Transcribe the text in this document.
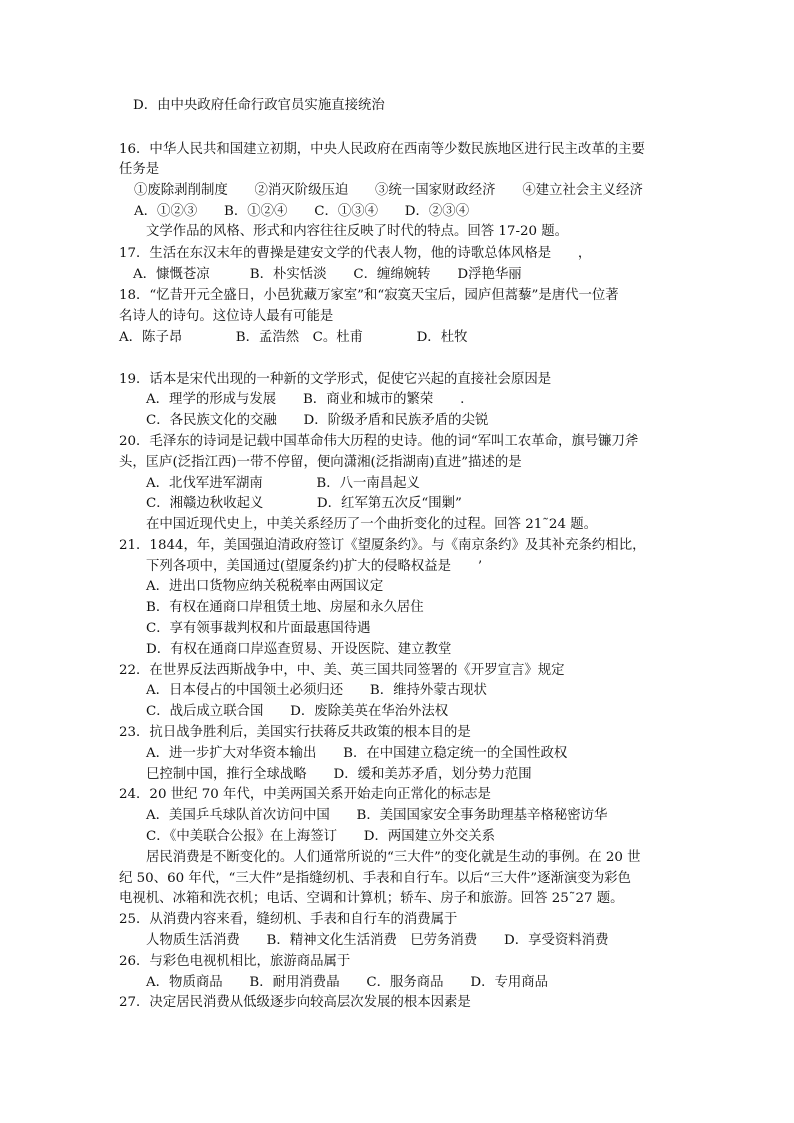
D．由中央政府任命行政官员实施直接统治
16．中华人民共和国建立初期，中央人民政府在西南等少数民族地区进行民主改革的主要
任务是
①废除剥削制度　　②消灭阶级压迫　　③统一国家财政经济　　④建立社会主义经济
A．①②③　　B．①②④　　C．①③④　　D．②③④
文学作品的风格、形式和内容往往反映了时代的特点。回答 17-20 题。
17．生活在东汉末年的曹操是建安文学的代表人物，他的诗歌总体风格是　　，
A．慷慨苍凉　　　B．朴实恬淡　　C．缠绵婉转　　D浮艳华丽
18．“忆昔开元全盛日，小邑犹藏万家室”和“寂寞天宝后，园庐但蒿藜”是唐代一位著
名诗人的诗句。这位诗人最有可能是
A．陈子昂　　　　B．孟浩然　C。杜甫　　　　D．杜牧
19．话本是宋代出现的一种新的文学形式，促使它兴起的直接社会原因是
A．理学的形成与发展　　B．商业和城市的繁荣　　.
C．各民族文化的交融　　D．阶级矛盾和民族矛盾的尖锐
20．毛泽东的诗词是记载中国革命伟大历程的史诗。他的词“军叫工农革命，旗号镰刀斧
头，匡庐(泛指江西)一带不停留，便向潇湘(泛指湖南)直进”描述的是
A．北伐军进军湖南　　　　B．八一南昌起义
C．湘赣边秋收起义　　　　D．红军第五次反“围剿”
在中国近现代史上，中美关系经历了一个曲折变化的过程。回答 21˜24 题。
21．1844，年，美国强迫清政府签订《望厦条约》。与《南京条约》及其补充条约相比，
下列各项中，美国通过(望厦条约)扩大的侵略权益是　　’
A．进出口货物应纳关税税率由两国议定
B．有权在通商口岸租赁土地、房屋和永久居住
C．享有领事裁判权和片面最惠国待遇
D．有权在通商口岸巡查贸易、开设医院、建立教堂
22．在世界反法西斯战争中，中、美、英三国共同签署的《开罗宣言》规定
A．日本侵占的中国领土必须归还　　B．维持外蒙古现状
C．战后成立联合国　　D．废除美英在华治外法权
23．抗日战争胜利后，美国实行扶蒋反共政策的根本目的是
A．进一步扩大对华资本输出　　B．在中国建立稳定统一的全国性政权
巳控制中国，推行全球战略　　D．缓和美苏矛盾，划分势力范围
24．20 世纪 70 年代，中美两国关系开始走向正常化的标志是
A．美国乒乓球队首次访问中国　　B．美国国家安全事务助理基辛格秘密访华
C．《中美联合公报》在上海签订　　D．两国建立外交关系
居民消费是不断变化的。人们通常所说的“三大件”的变化就是生动的事例。在 20 世
纪 50、60 年代，“三大件”是指缝纫机、手表和自行车。以后“三大件”逐渐演变为彩色
电视机、冰箱和洗衣机；电话、空调和计算机；轿车、房子和旅游。回答 25˜27 题。
25．从消费内容来看，缝纫机、手表和自行车的消费属于
人物质生活消费　　B．精神文化生活消费　巳劳务消费　　D．享受资料消费
26．与彩色电视机相比，旅游商品属于
A．物质商品　　B．耐用消费晶　　C．服务商品　　D．专用商品
27．决定居民消费从低级逐步向较高层次发展的根本因素是
